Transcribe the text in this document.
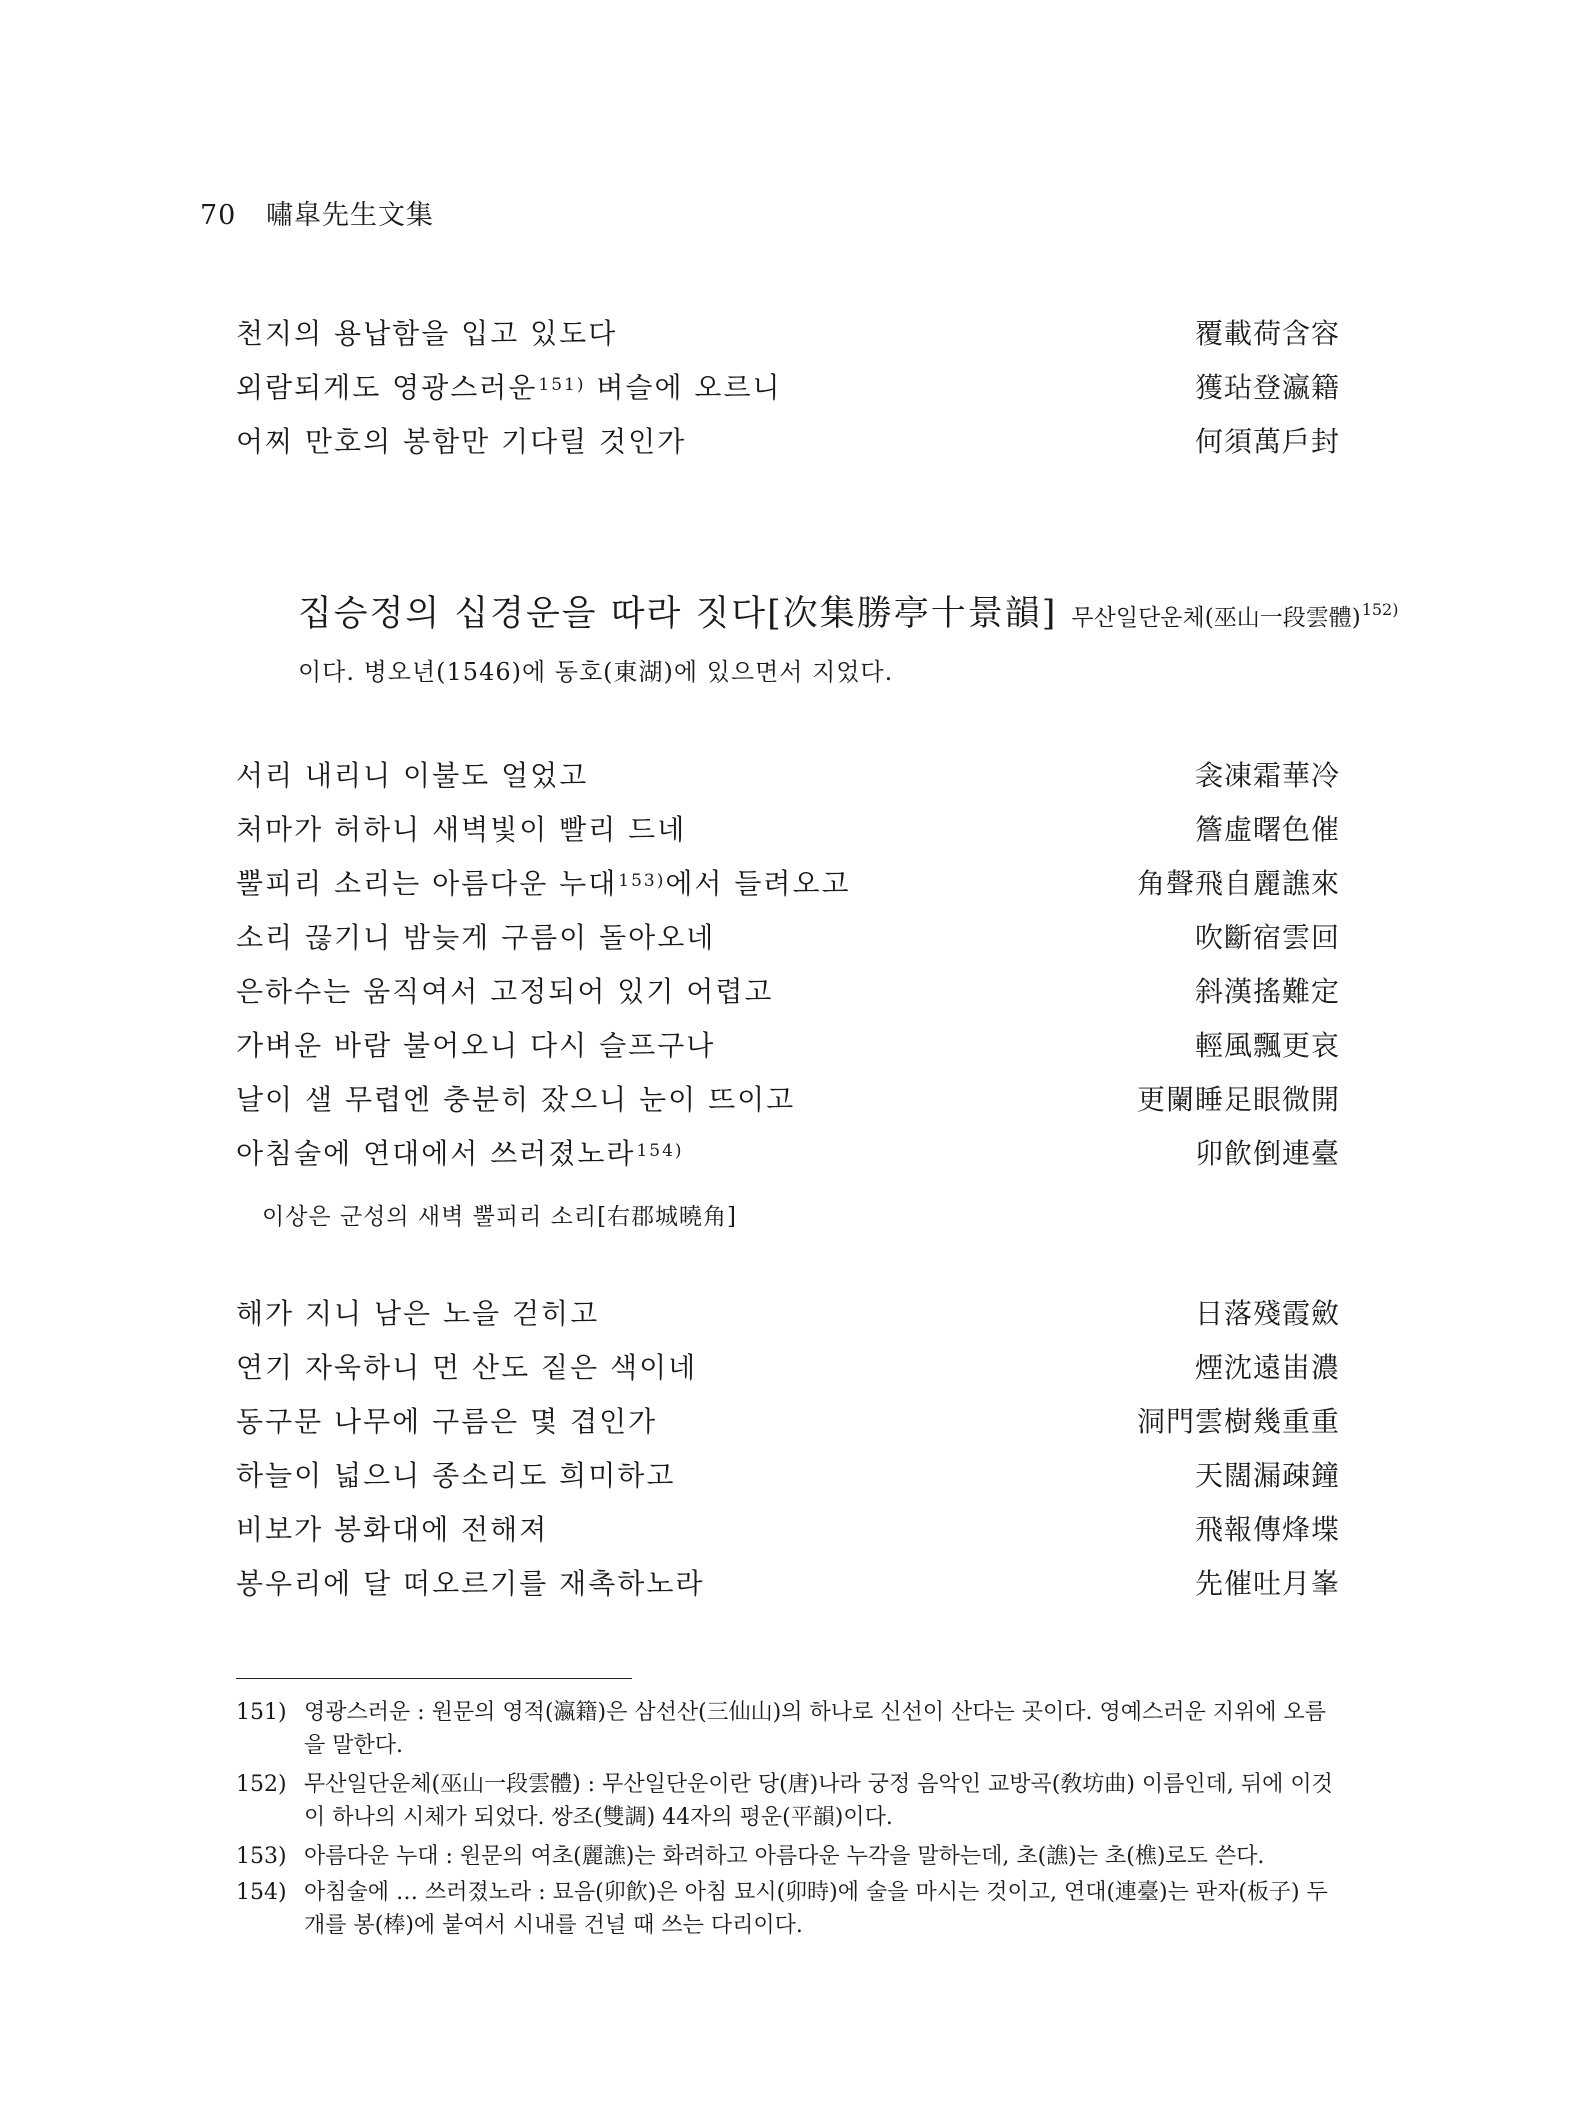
70 嘯皐先生文集
천지의 용납함을 입고 있도다	覆載荷含容
외람되게도 영광스러운$^{151)}$ 벼슬에 오르니	獲玷登瀛籍
어찌 만호의 봉함만 기다릴 것인가	何須萬戶封
집승정의 십경운을 따라 짓다[次集勝亭十景韻] 무산일단운체(巫山一段雲體)$^{152)}$
이다. 병오년(1546)에 동호(東湖)에 있으면서 지었다.
서리 내리니 이불도 얼었고	衾凍霜華冷
처마가 허하니 새벽빛이 빨리 드네	簷虛曙色催
뿔피리 소리는 아름다운 누대$^{153)}$에서 들려오고	角聲飛自麗譙來
소리 끊기니 밤늦게 구름이 돌아오네	吹斷宿雲回
은하수는 움직여서 고정되어 있기 어렵고	斜漢搖難定
가벼운 바람 불어오니 다시 슬프구나	輕風飄更哀
날이 샐 무렵엔 충분히 잤으니 눈이 뜨이고	更闌睡足眼微開
아침술에 연대에서 쓰러졌노라$^{154)}$	卯飮倒連臺
이상은 군성의 새벽 뿔피리 소리[右郡城曉角]
해가 지니 남은 노을 걷히고	日落殘霞斂
연기 자욱하니 먼 산도 짙은 색이네	煙沈遠峀濃
동구문 나무에 구름은 몇 겹인가	洞門雲樹幾重重
하늘이 넓으니 종소리도 희미하고	天闊漏疎鐘
비보가 봉화대에 전해져	飛報傳烽堞
봉우리에 달 떠오르기를 재촉하노라	先催吐月峯
151) 영광스러운 : 원문의 영적(瀛籍)은 삼선산(三仙山)의 하나로 신선이 산다는 곳이다. 영예스러운 지위에 오름을 말한다.
152) 무산일단운체(巫山一段雲體) : 무산일단운이란 당(唐)나라 궁정 음악인 교방곡(敎坊曲) 이름인데, 뒤에 이것이 하나의 시체가 되었다. 쌍조(雙調) 44자의 평운(平韻)이다.
153) 아름다운 누대 : 원문의 여초(麗譙)는 화려하고 아름다운 누각을 말하는데, 초(譙)는 초(樵)로도 쓴다.
154) 아침술에 … 쓰러졌노라 : 묘음(卯飮)은 아침 묘시(卯時)에 술을 마시는 것이고, 연대(連臺)는 판자(板子) 두 개를 봉(棒)에 붙여서 시내를 건널 때 쓰는 다리이다.
